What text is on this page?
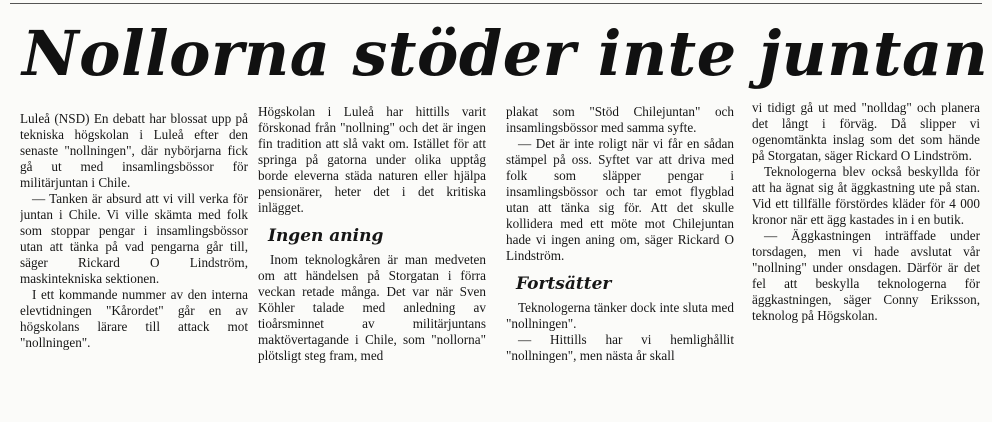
Nollorna stöder inte juntan

Luleå (NSD) En debatt har blossat upp på tekniska högskolan i Luleå efter den senaste "nollningen", där nybörjarna fick gå ut med insamlingsbössor för militärjuntan i Chile.

— Tanken är absurd att vi vill verka för juntan i Chile. Vi ville skämta med folk som stoppar pengar i insamlingsbössor utan att tänka på vad pengarna går till, säger Rickard O Lindström, maskintekniska sektionen.

I ett kommande nummer av den interna elevtidningen "Kårordet" går en av högskolans lärare till attack mot "nollningen".

Högskolan i Luleå har hittills varit förskonad från "nollning" och det är ingen fin tradition att slå vakt om. Istället för att springa på gatorna under olika upptåg borde eleverna städa naturen eller hjälpa pensionärer, heter det i det kritiska inlägget.

Ingen aning

Inom teknologkåren är man medveten om att händelsen på Storgatan i förra veckan retade många. Det var när Sven Köhler talade med anledning av tioårsminnet av militärjuntans maktövertagande i Chile, som "nollorna" plötsligt steg fram, med

plakat som "Stöd Chilejuntan" och insamlingsbössor med samma syfte.

— Det är inte roligt när vi får en sådan stämpel på oss. Syftet var att driva med folk som släpper pengar i insamlingsbössor och tar emot flygblad utan att tänka sig för. Att det skulle kollidera med ett möte mot Chilejuntan hade vi ingen aning om, säger Rickard O Lindström.

Fortsätter

Teknologerna tänker dock inte sluta med "nollningen".

— Hittills har vi hemlighållit "nollningen", men nästa år skall

vi tidigt gå ut med "nolldag" och planera det långt i förväg. Då slipper vi ogenomtänkta inslag som det som hände på Storgatan, säger Rickard O Lindström.

Teknologerna blev också beskyllda för att ha ägnat sig åt äggkastning ute på stan. Vid ett tillfälle förstördes kläder för 4 000 kronor när ett ägg kastades in i en butik.

— Äggkastningen inträffade under torsdagen, men vi hade avslutat vår "nollning" under onsdagen. Därför är det fel att beskylla teknologerna för äggkastningen, säger Conny Eriksson, teknolog på Högskolan.
